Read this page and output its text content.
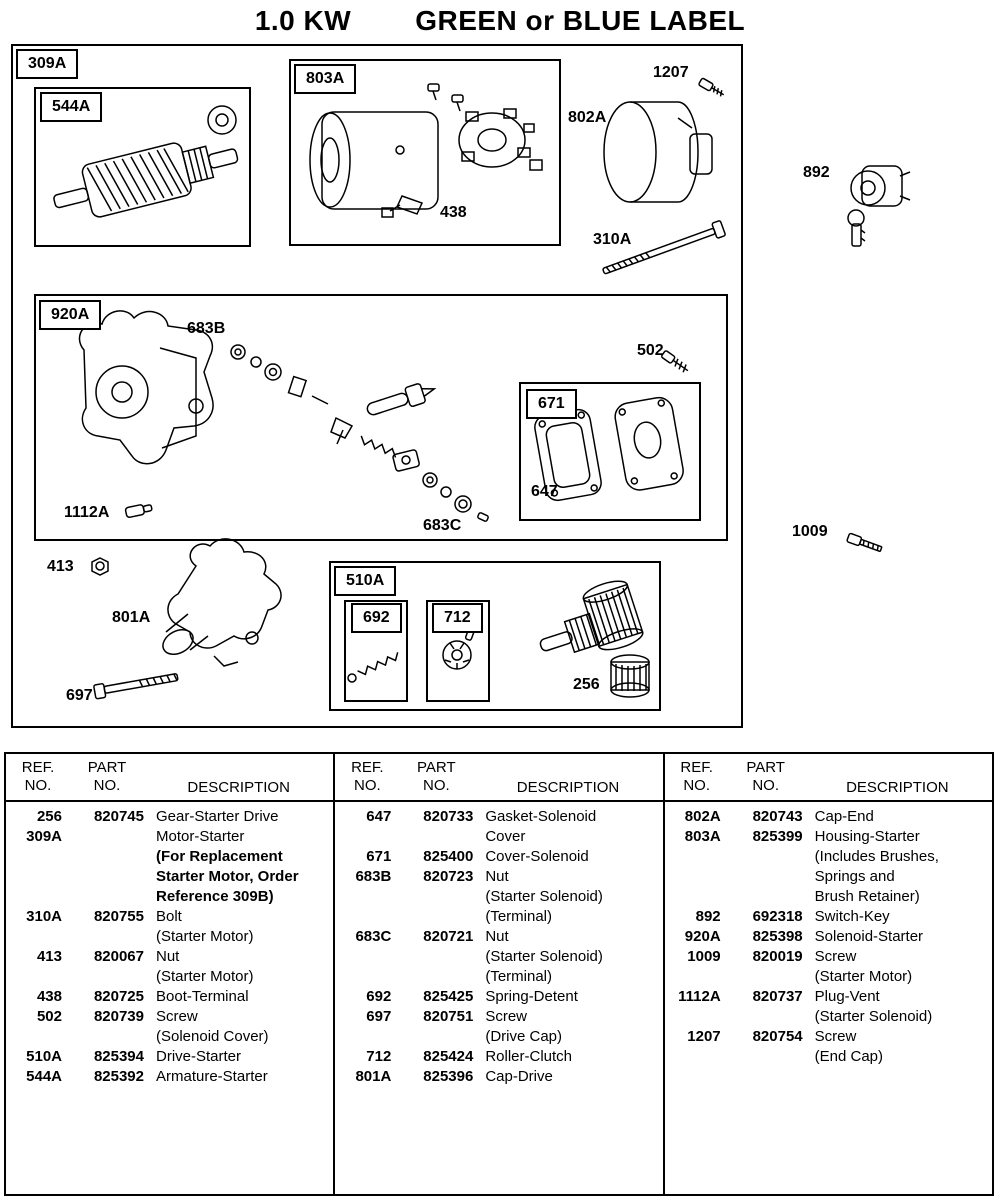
1.0 KW GREEN or BLUE LABEL
309A
544A
803A
920A
671
510A
692	712
1207
802A
892
438
310A
683B
502
647
1112A
683C
413
801A
256
697
1009
REF.
NO.
PART
NO.	DESCRIPTION
256	820745 Gear-Starter Drive
309A	Motor-Starter
(For Replacement
Starter Motor, Order
Reference 309B)
310A	820755 Bolt
(Starter Motor)
413	820067 Nut
(Starter Motor)
438	820725 Boot-Terminal
502	820739 Screw
(Solenoid Cover)
510A	825394 Drive-Starter
544A	825392 Armature-Starter
REF.
NO.
PART
NO.	DESCRIPTION
647	820733 Gasket-Solenoid
Cover
671	825400 Cover-Solenoid
683B	820723 Nut
(Starter Solenoid)
(Terminal)
683C	820721 Nut
(Starter Solenoid)
(Terminal)
692	825425 Spring-Detent
697	820751 Screw
(Drive Cap)
712	825424 Roller-Clutch
801A	825396 Cap-Drive
REF.
NO.
PART
NO.	DESCRIPTION
802A	820743 Cap-End
803A	825399 Housing-Starter
(Includes Brushes,
Springs and
Brush Retainer)
892	692318 Switch-Key
920A	825398 Solenoid-Starter
1009	820019 Screw
(Starter Motor)
1112A	820737 Plug-Vent
(Starter Solenoid)
1207	820754 Screw
(End Cap)
